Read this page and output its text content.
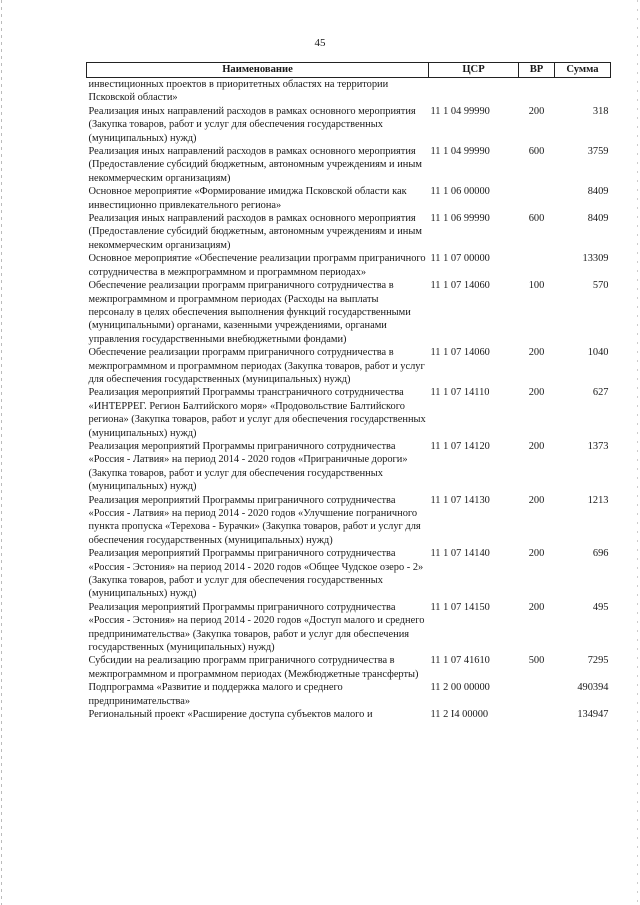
45
Наименование	ЦСР	ВР	Сумма
инвестиционных проектов в приоритетных областях на территории Псковской области»			
Реализация иных направлений расходов в рамках основного мероприятия (Закупка товаров, работ и услуг для обеспечения государственных (муниципальных) нужд)	11 1 04 99990	200	318
Реализация иных направлений расходов в рамках основного мероприятия (Предоставление субсидий бюджетным, автономным учреждениям и иным некоммерческим организациям)	11 1 04 99990	600	3759
Основное мероприятие «Формирование имиджа Псковской области как инвестиционно привлекательного региона»	11 1 06 00000		8409
Реализация иных направлений расходов в рамках основного мероприятия (Предоставление субсидий бюджетным, автономным учреждениям и иным некоммерческим организациям)	11 1 06 99990	600	8409
Основное мероприятие «Обеспечение реализации программ приграничного сотрудничества в межпрограммном и программном периодах»	11 1 07 00000		13309
Обеспечение реализации программ приграничного сотрудничества в межпрограммном и программном периодах (Расходы на выплаты персоналу в целях обеспечения выполнения функций государственными (муниципальными) органами, казенными учреждениями, органами управления государственными внебюджетными фондами)	11 1 07 14060	100	570
Обеспечение реализации программ приграничного сотрудничества в межпрограммном и программном периодах (Закупка товаров, работ и услуг для обеспечения государственных (муниципальных) нужд)	11 1 07 14060	200	1040
Реализация мероприятий Программы трансграничного сотрудничества «ИНТЕРРЕГ. Регион Балтийского моря» «Продовольствие Балтийского региона» (Закупка товаров, работ и услуг для обеспечения государственных (муниципальных) нужд)	11 1 07 14110	200	627
Реализация мероприятий Программы приграничного сотрудничества «Россия - Латвия» на период 2014 - 2020 годов «Приграничные дороги» (Закупка товаров, работ и услуг для обеспечения государственных (муниципальных) нужд)	11 1 07 14120	200	1373
Реализация мероприятий Программы приграничного сотрудничества «Россия - Латвия» на период 2014 - 2020 годов «Улучшение пограничного пункта пропуска «Терехова - Бурачки» (Закупка товаров, работ и услуг для обеспечения государственных (муниципальных) нужд)	11 1 07 14130	200	1213
Реализация мероприятий Программы приграничного сотрудничества «Россия - Эстония» на период 2014 - 2020 годов «Общее Чудское озеро - 2» (Закупка товаров, работ и услуг для обеспечения государственных (муниципальных) нужд)	11 1 07 14140	200	696
Реализация мероприятий Программы приграничного сотрудничества «Россия - Эстония» на период 2014 - 2020 годов «Доступ малого и среднего предпринимательства» (Закупка товаров, работ и услуг для обеспечения государственных (муниципальных) нужд)	11 1 07 14150	200	495
Субсидии на реализацию программ приграничного сотрудничества в межпрограммном и программном периодах (Межбюджетные трансферты)	11 1 07 41610	500	7295
Подпрограмма «Развитие и поддержка малого и среднего предпринимательства»	11 2 00 00000		490394
Региональный проект «Расширение доступа субъектов малого и	11 2 I4 00000		134947
